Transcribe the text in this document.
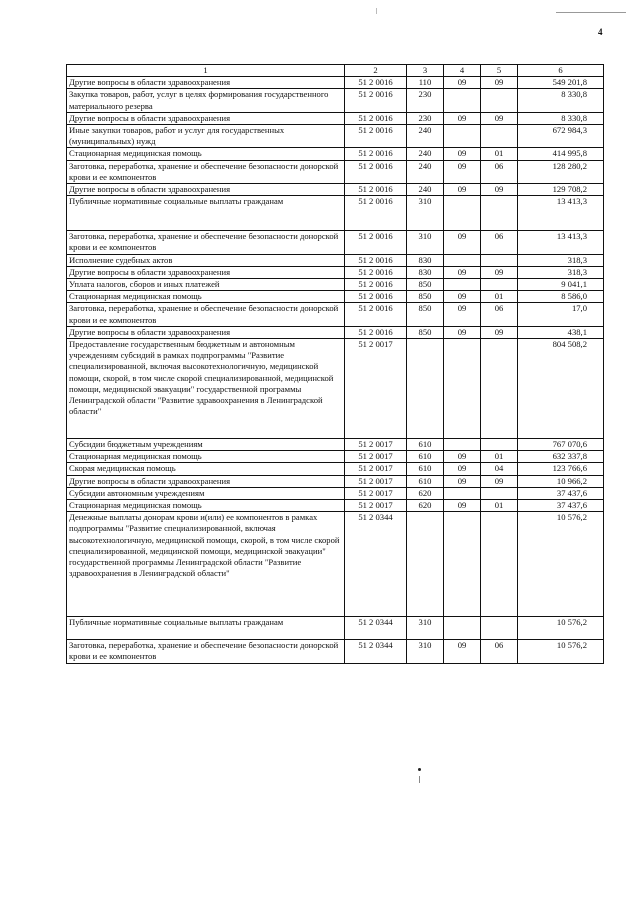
4
1	2	3	4	5	6
Другие вопросы в области здравоохранения	51 2 0016	110	09	09	549 201,8
Закупка товаров, работ, услуг в целях формирования государственного материального резерва	51 2 0016	230			8 330,8
Другие вопросы в области здравоохранения	51 2 0016	230	09	09	8 330,8
Иные закупки товаров, работ и услуг для государственных (муниципальных) нужд	51 2 0016	240			672 984,3
Стационарная медицинская помощь	51 2 0016	240	09	01	414 995,8
Заготовка, переработка, хранение и обеспечение безопасности донорской крови и ее компонентов	51 2 0016	240	09	06	128 280,2
Другие вопросы в области здравоохранения	51 2 0016	240	09	09	129 708,2
Публичные нормативные социальные выплаты гражданам	51 2 0016	310			13 413,3
Заготовка, переработка, хранение и обеспечение безопасности донорской крови и ее компонентов	51 2 0016	310	09	06	13 413,3
Исполнение судебных актов	51 2 0016	830			318,3
Другие вопросы в области здравоохранения	51 2 0016	830	09	09	318,3
Уплата налогов, сборов и иных платежей	51 2 0016	850			9 041,1
Стационарная медицинская помощь	51 2 0016	850	09	01	8 586,0
Заготовка, переработка, хранение и обеспечение безопасности донорской крови и ее компонентов	51 2 0016	850	09	06	17,0
Другие вопросы в области здравоохранения	51 2 0016	850	09	09	438,1
Предоставление государственным бюджетным и автономным учреждениям субсидий в рамках подпрограммы "Развитие специализированной, включая высокотехнологичную, медицинской помощи, скорой, в том числе скорой специализированной, медицинской помощи, медицинской эвакуации" государственной программы Ленинградской области "Развитие здравоохранения в Ленинградской области"	51 2 0017				804 508,2
Субсидии бюджетным учреждениям	51 2 0017	610			767 070,6
Стационарная медицинская помощь	51 2 0017	610	09	01	632 337,8
Скорая медицинская помощь	51 2 0017	610	09	04	123 766,6
Другие вопросы в области здравоохранения	51 2 0017	610	09	09	10 966,2
Субсидии автономным учреждениям	51 2 0017	620			37 437,6
Стационарная медицинская помощь	51 2 0017	620	09	01	37 437,6
Денежные выплаты донорам крови и(или) ее компонентов в рамках подпрограммы "Развитие специализированной, включая высокотехнологичную, медицинской помощи, скорой, в том числе скорой специализированной, медицинской помощи, медицинской эвакуации" государственной программы Ленинградской области "Развитие здравоохранения в Ленинградской области"	51 2 0344				10 576,2
Публичные нормативные социальные выплаты гражданам	51 2 0344	310			10 576,2
Заготовка, переработка, хранение и обеспечение безопасности донорской крови и ее компонентов	51 2 0344	310	09	06	10 576,2
